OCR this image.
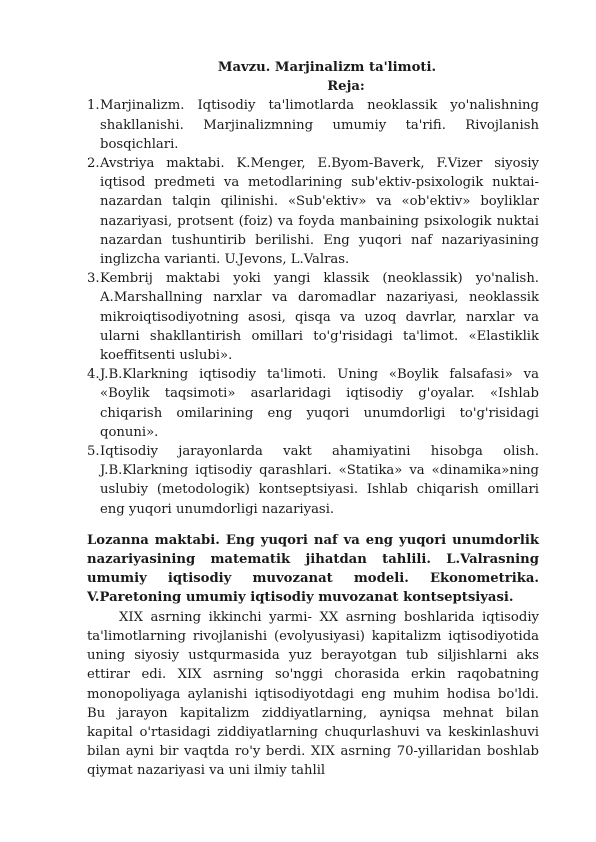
Mavzu. Marjinalizm ta'limoti.

Reja:

1. Marjinalizm. Iqtisodiy ta'limotlarda neoklassik yo'nalishning shakllanishi. Marjinalizmning umumiy ta'rifi. Rivojlanish bosqichlari.
2. Avstriya maktabi. K.Menger, E.Byom-Baverk, F.Vizer siyosiy iqtisod predmeti va metodlarining sub'ektiv-psixologik nuktai-nazardan talqin qilinishi. «Sub'ektiv» va «ob'ektiv» boyliklar nazariyasi, protsent (foiz) va foyda manbaining psixologik nuktai nazardan tushuntirib berilishi. Eng yuqori naf nazariyasining inglizcha varianti. U.Jevons, L.Valras.
3. Kembrij maktabi yoki yangi klassik (neoklassik) yo'nalish. A.Marshallning narxlar va daromadlar nazariyasi, neoklassik mikroiqtisodiyotning asosi, qisqa va uzoq davrlar, narxlar va ularni shakllantirish omillari to'g'risidagi ta'limot. «Elastiklik koeffitsenti uslubi».
4. J.B.Klarkning iqtisodiy ta'limoti. Uning «Boylik falsafasi» va «Boylik taqsimoti» asarlaridagi iqtisodiy g'oyalar. «Ishlab chiqarish omilarining eng yuqori unumdorligi to'g'risidagi qonuni».
5. Iqtisodiy jarayonlarda vakt ahamiyatini hisobga olish. J.B.Klarkning iqtisodiy qarashlari. «Statika» va «dinamika»ning uslubiy (metodologik) kontseptsiyasi. Ishlab chiqarish omillari eng yuqori unumdorligi nazariyasi.

Lozanna maktabi. Eng yuqori naf va eng yuqori unumdorlik nazariyasining matematik jihatdan tahlili. L.Valrasning umumiy iqtisodiy muvozanat modeli. Ekonometrika. V.Paretoning umumiy iqtisodiy muvozanat kontseptsiyasi.

XIX asrning ikkinchi yarmi- XX asrning boshlarida iqtisodiy ta'limotlarning rivojlanishi (evolyusiyasi) kapitalizm iqtisodiyotida uning siyosiy ustqurmasida yuz berayotgan tub siljishlarni aks ettirar edi. XIX asrning so'nggi chorasida erkin raqobatning monopoliyaga aylanishi iqtisodiyotdagi eng muhim hodisa bo'ldi. Bu jarayon kapitalizm ziddiyatlarning, ayniqsa mehnat bilan kapital o'rtasidagi ziddiyatlarning chuqurlashuvi va keskinlashuvi bilan ayni bir vaqtda ro'y berdi. XIX asrning 70-yillaridan boshlab qiymat nazariyasi va uni ilmiy tahlil
